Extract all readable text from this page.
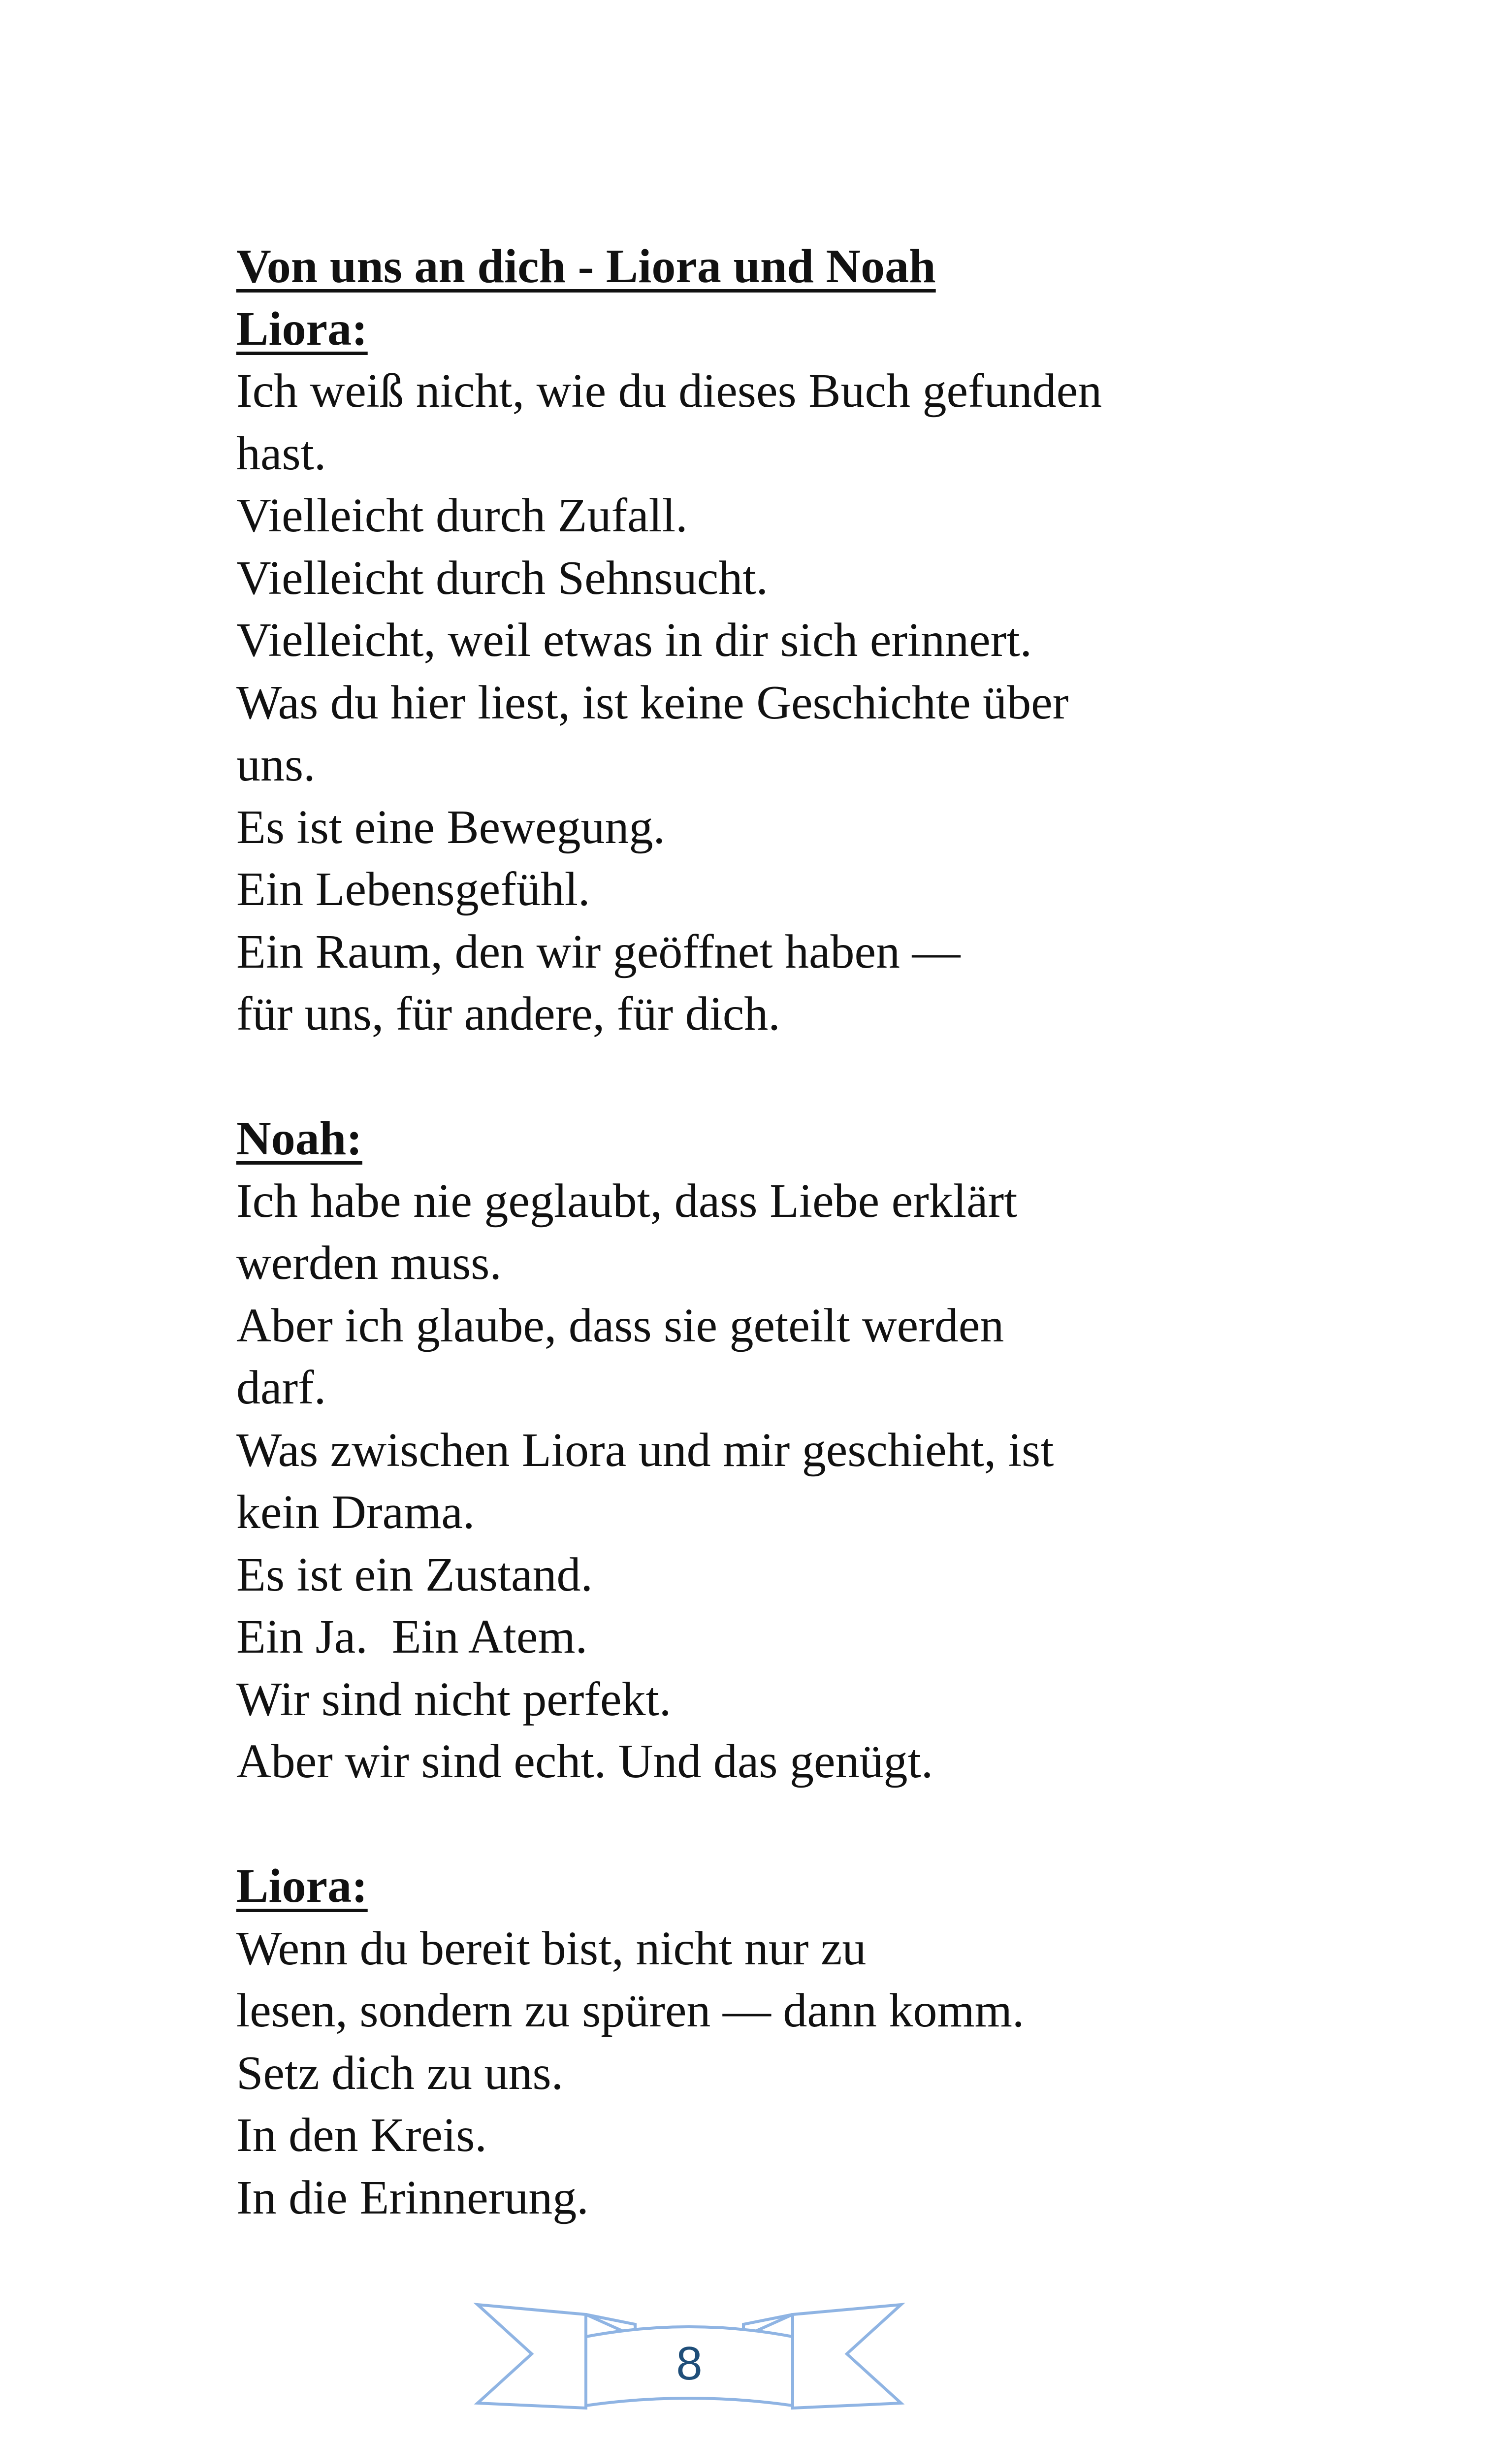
Von uns an dich - Liora und Noah
Liora:
Ich weiß nicht, wie du dieses Buch gefunden
hast.
Vielleicht durch Zufall.
Vielleicht durch Sehnsucht.
Vielleicht, weil etwas in dir sich erinnert.
Was du hier liest, ist keine Geschichte über
uns.
Es ist eine Bewegung.
Ein Lebensgefühl.
Ein Raum, den wir geöffnet haben —
für uns, für andere, für dich.
Noah:
Ich habe nie geglaubt, dass Liebe erklärt
werden muss.
Aber ich glaube, dass sie geteilt werden
darf.
Was zwischen Liora und mir geschieht, ist
kein Drama.
Es ist ein Zustand.
Ein Ja.  Ein Atem.
Wir sind nicht perfekt.
Aber wir sind echt. Und das genügt.
Liora:
Wenn du bereit bist, nicht nur zu
lesen, sondern zu spüren — dann komm.
Setz dich zu uns.
In den Kreis.
In die Erinnerung.
8
